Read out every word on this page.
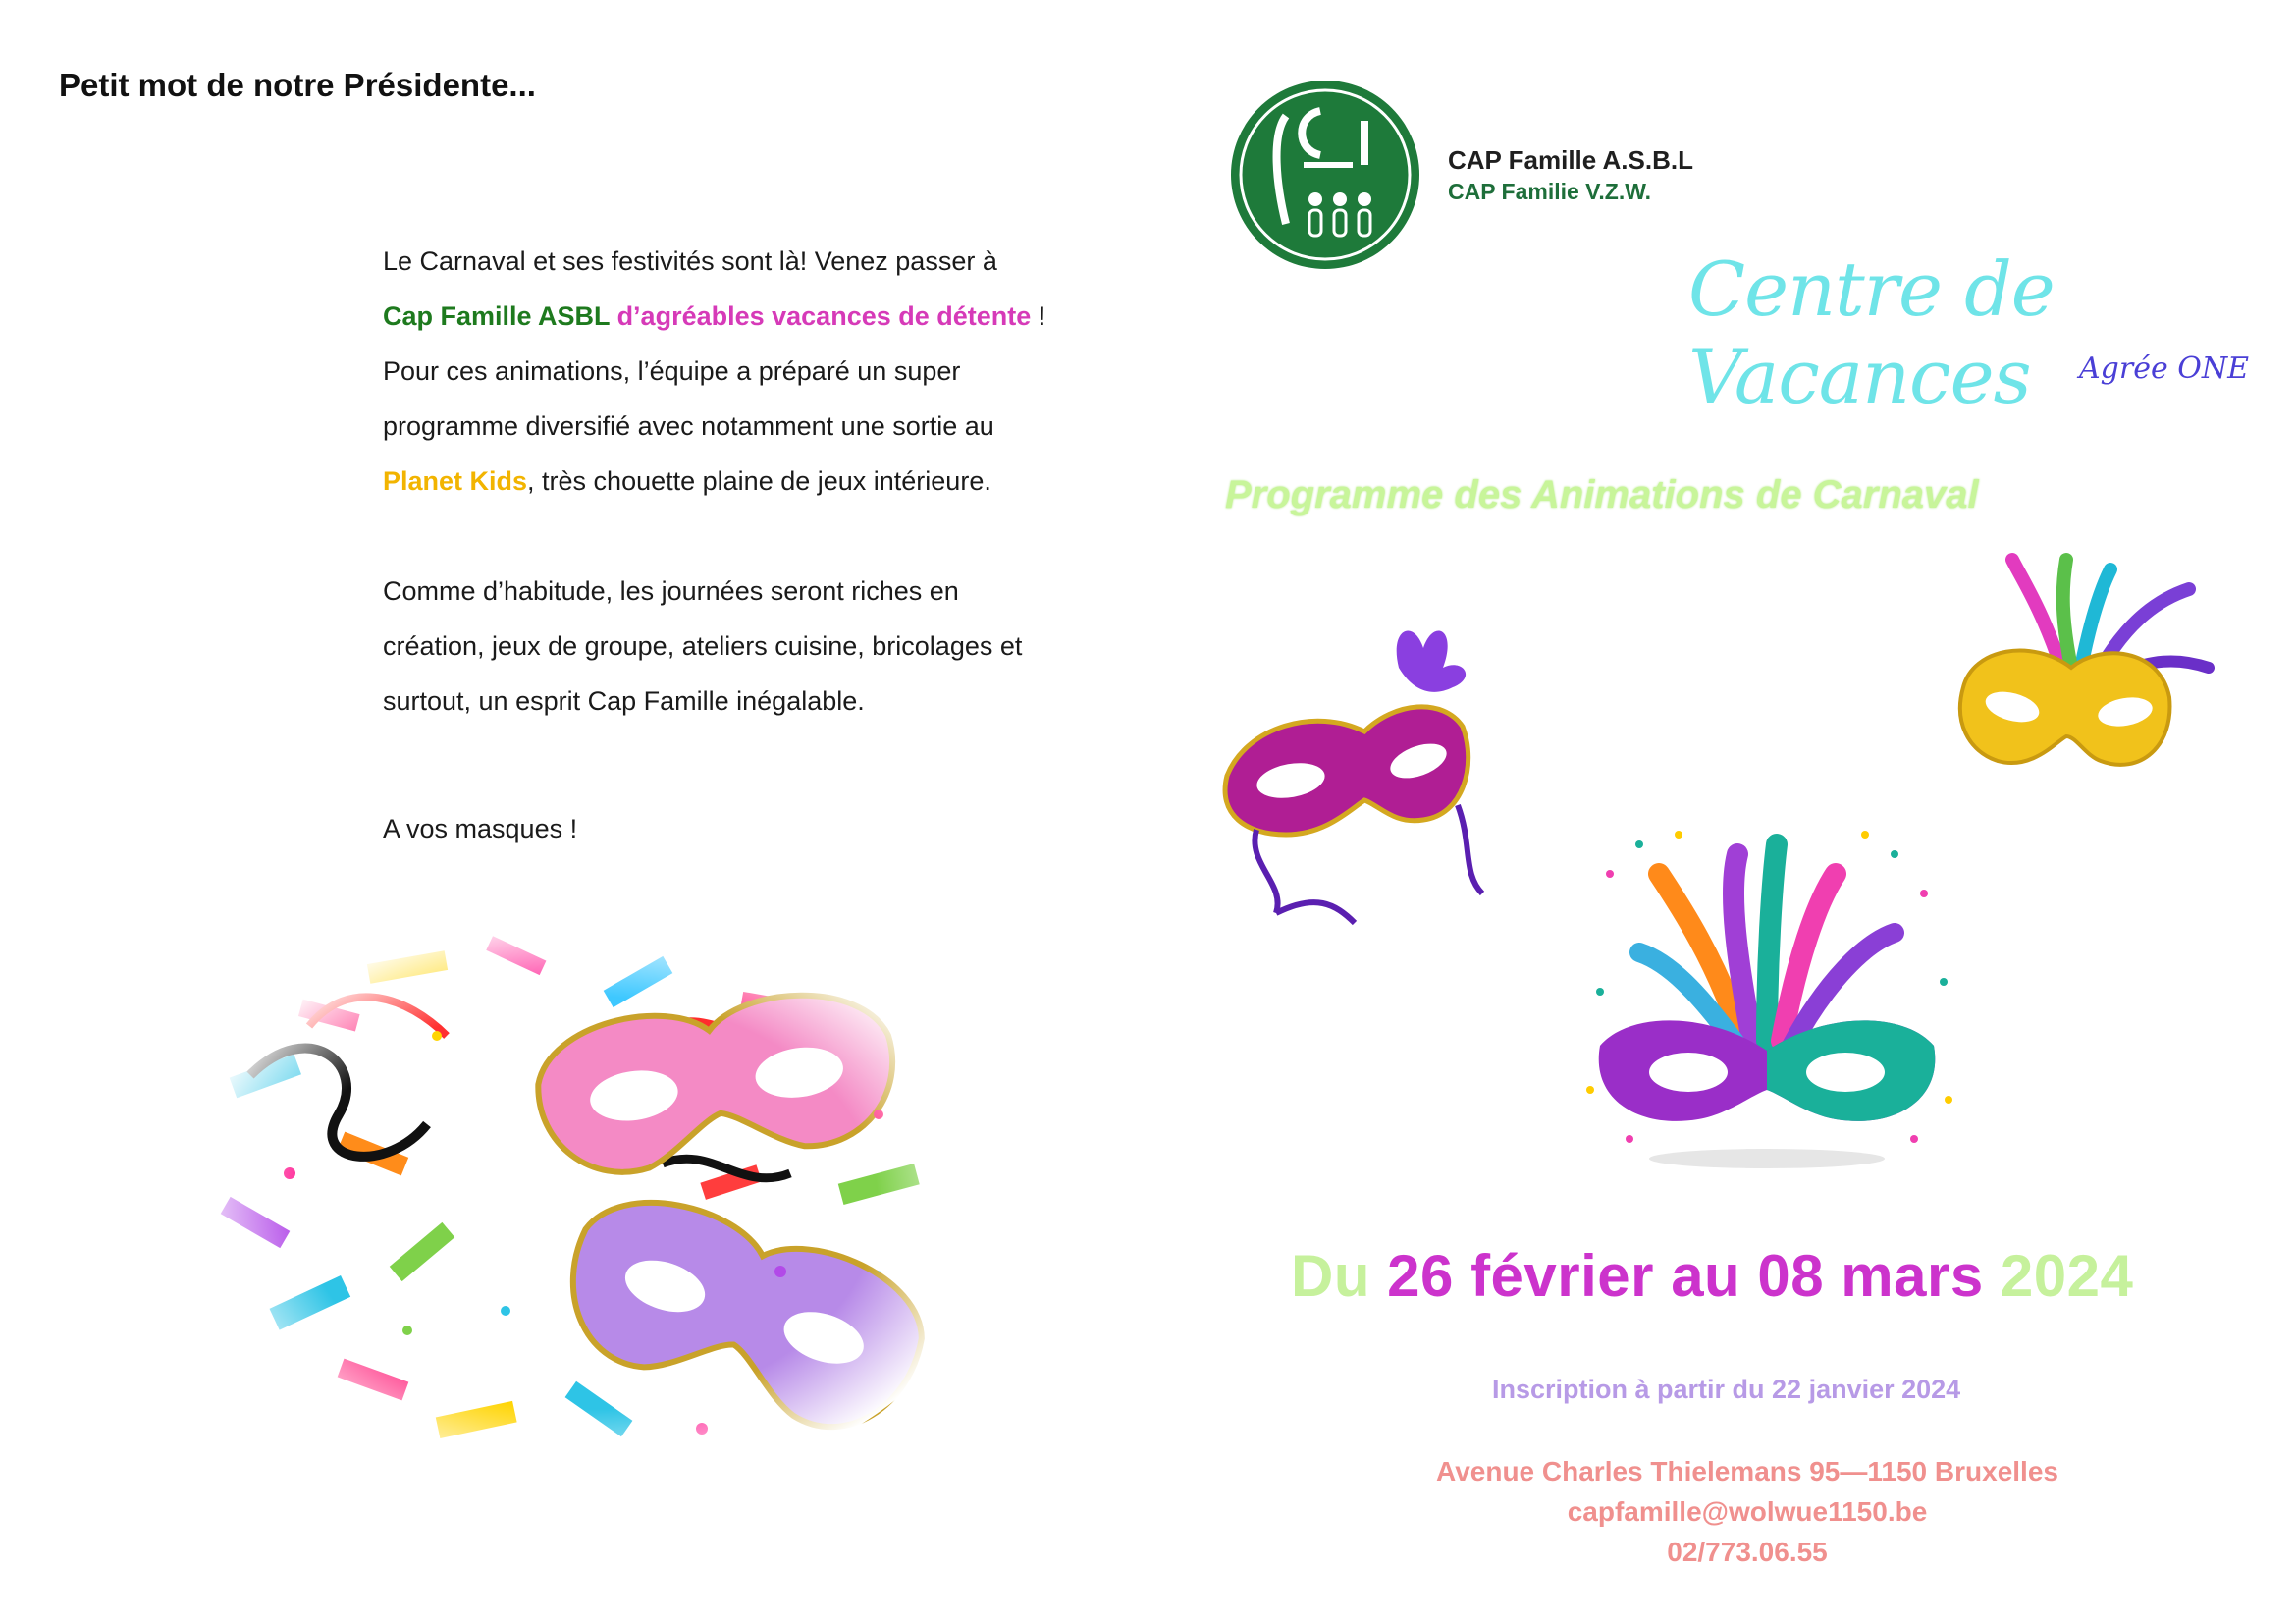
Petit mot de notre Présidente...

Le Carnaval et ses festivités sont là! Venez passer à

Cap Famille ASBL d’agréables vacances de détente !

Pour ces animations, l’équipe a préparé un super

programme diversifié avec notamment une sortie au

Planet Kids, très chouette plaine de jeux intérieure.

Comme d’habitude, les journées seront riches en

création, jeux de groupe, ateliers cuisine, bricolages et

surtout, un esprit Cap Famille inégalable.

A vos masques !

CAP Famille A.S.B.L
CAP Familie V.Z.W.
Centre de Vacances	Agrée ONE
Programme des Animations de Carnaval
Du 26 février au 08 mars 2024
Inscription à partir du 22 janvier 2024
Avenue Charles Thielemans 95—1150 Bruxelles
capfamille@wolwue1150.be
02/773.06.55
